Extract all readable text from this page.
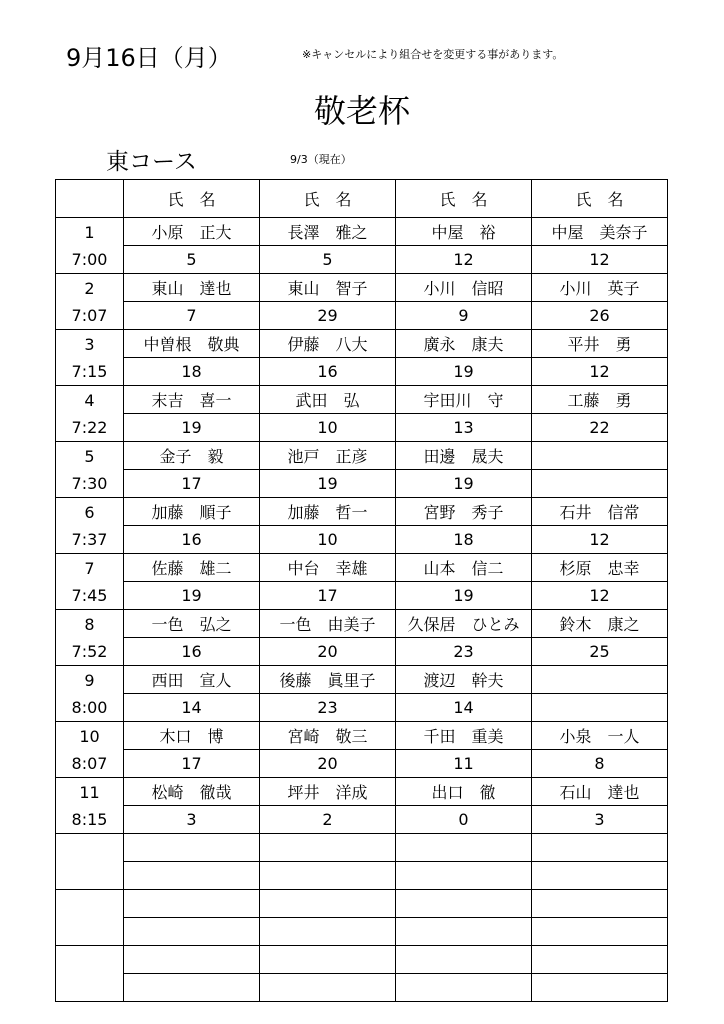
9月16日（月）	※キャンセルにより組合せを変更する事があります。
敬老杯
東コース	9/3（現在）
	氏　名	氏　名	氏　名	氏　名

1
7:00	小原　正大	長澤　雅之	中屋　裕	中屋　美奈子
	5	5	12	12

2
7:07	東山　達也	東山　智子	小川　信昭	小川　英子
	7	29	9	26

3
7:15	中曽根　敬典	伊藤　八大	廣永　康夫	平井　勇
	18	16	19	12

4
7:22	末吉　喜一	武田　弘	宇田川　守	工藤　勇
	19	10	13	22

5
7:30	金子　毅	池戸　正彦	田邊　晟夫	
	17	19	19	

6
7:37	加藤　順子	加藤　哲一	宮野　秀子	石井　信常
	16	10	18	12

7
7:45	佐藤　雄二	中台　幸雄	山本　信二	杉原　忠幸
	19	17	19	12

8
7:52	一色　弘之	一色　由美子	久保居　ひとみ	鈴木　康之
	16	20	23	25

9
8:00	西田　宣人	後藤　眞里子	渡辺　幹夫	
	14	23	14	

10
8:07	木口　博	宮崎　敬三	千田　重美	小泉　一人
	17	20	11	8

11
8:15	松崎　徹哉	坪井　洋成	出口　徹	石山　達也
	3	2	0	3
